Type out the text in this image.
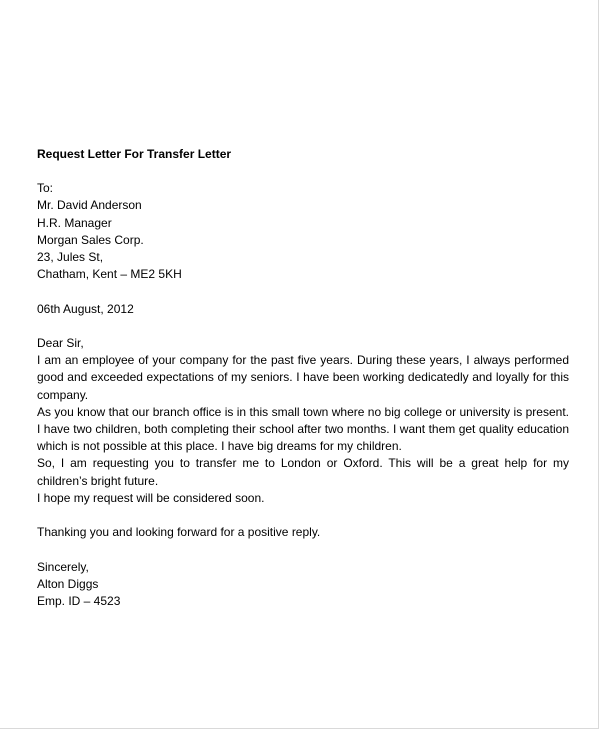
Request Letter For Transfer Letter
To:
Mr. David Anderson
H.R. Manager
Morgan Sales Corp.
23, Jules St,
Chatham, Kent – ME2 5KH
06th August, 2012
Dear Sir,

I am an employee of your company for the past five years. During these years, I always performed good and exceeded expectations of my seniors. I have been working dedicatedly and loyally for this company.

As you know that our branch office is in this small town where no big college or university is present. I have two children, both completing their school after two months. I want them get quality education which is not possible at this place. I have big dreams for my children.

So, I am requesting you to transfer me to London or Oxford. This will be a great help for my children’s bright future.

I hope my request will be considered soon.

Thanking you and looking forward for a positive reply.
Sincerely,
Alton Diggs
Emp. ID – 4523
